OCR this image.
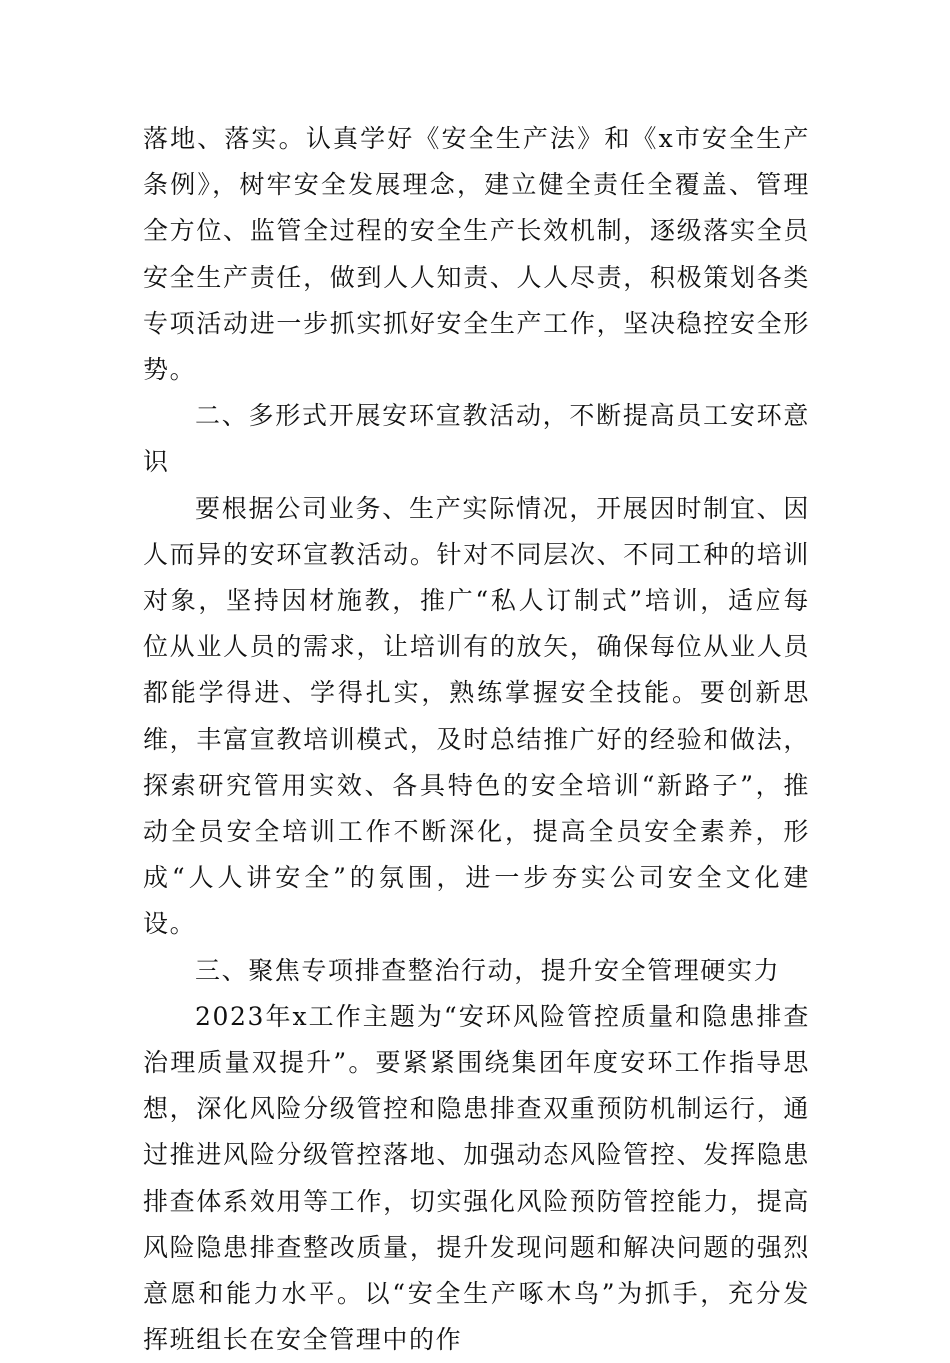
落地、落实。认真学好《安全生产法》和《x市安全生产条例》，树牢安全发展理念，建立健全责任全覆盖、管理全方位、监管全过程的安全生产长效机制，逐级落实全员安全生产责任，做到人人知责、人人尽责，积极策划各类专项活动进一步抓实抓好安全生产工作，坚决稳控安全形势。

二、多形式开展安环宣教活动，不断提高员工安环意识

要根据公司业务、生产实际情况，开展因时制宜、因人而异的安环宣教活动。针对不同层次、不同工种的培训对象，坚持因材施教，推广“私人订制式”培训，适应每位从业人员的需求，让培训有的放矢，确保每位从业人员都能学得进、学得扎实，熟练掌握安全技能。要创新思维，丰富宣教培训模式，及时总结推广好的经验和做法，探索研究管用实效、各具特色的安全培训“新路子”，推动全员安全培训工作不断深化，提高全员安全素养，形成“人人讲安全”的氛围，进一步夯实公司安全文化建设。

三、聚焦专项排查整治行动，提升安全管理硬实力

2023年x工作主题为“安环风险管控质量和隐患排查治理质量双提升”。要紧紧围绕集团年度安环工作指导思想，深化风险分级管控和隐患排查双重预防机制运行，通过推进风险分级管控落地、加强动态风险管控、发挥隐患排查体系效用等工作，切实强化风险预防管控能力，提高风险隐患排查整改质量，提升发现问题和解决问题的强烈意愿和能力水平。以“安全生产啄木鸟”为抓手，充分发挥班组长在安全管理中的作
